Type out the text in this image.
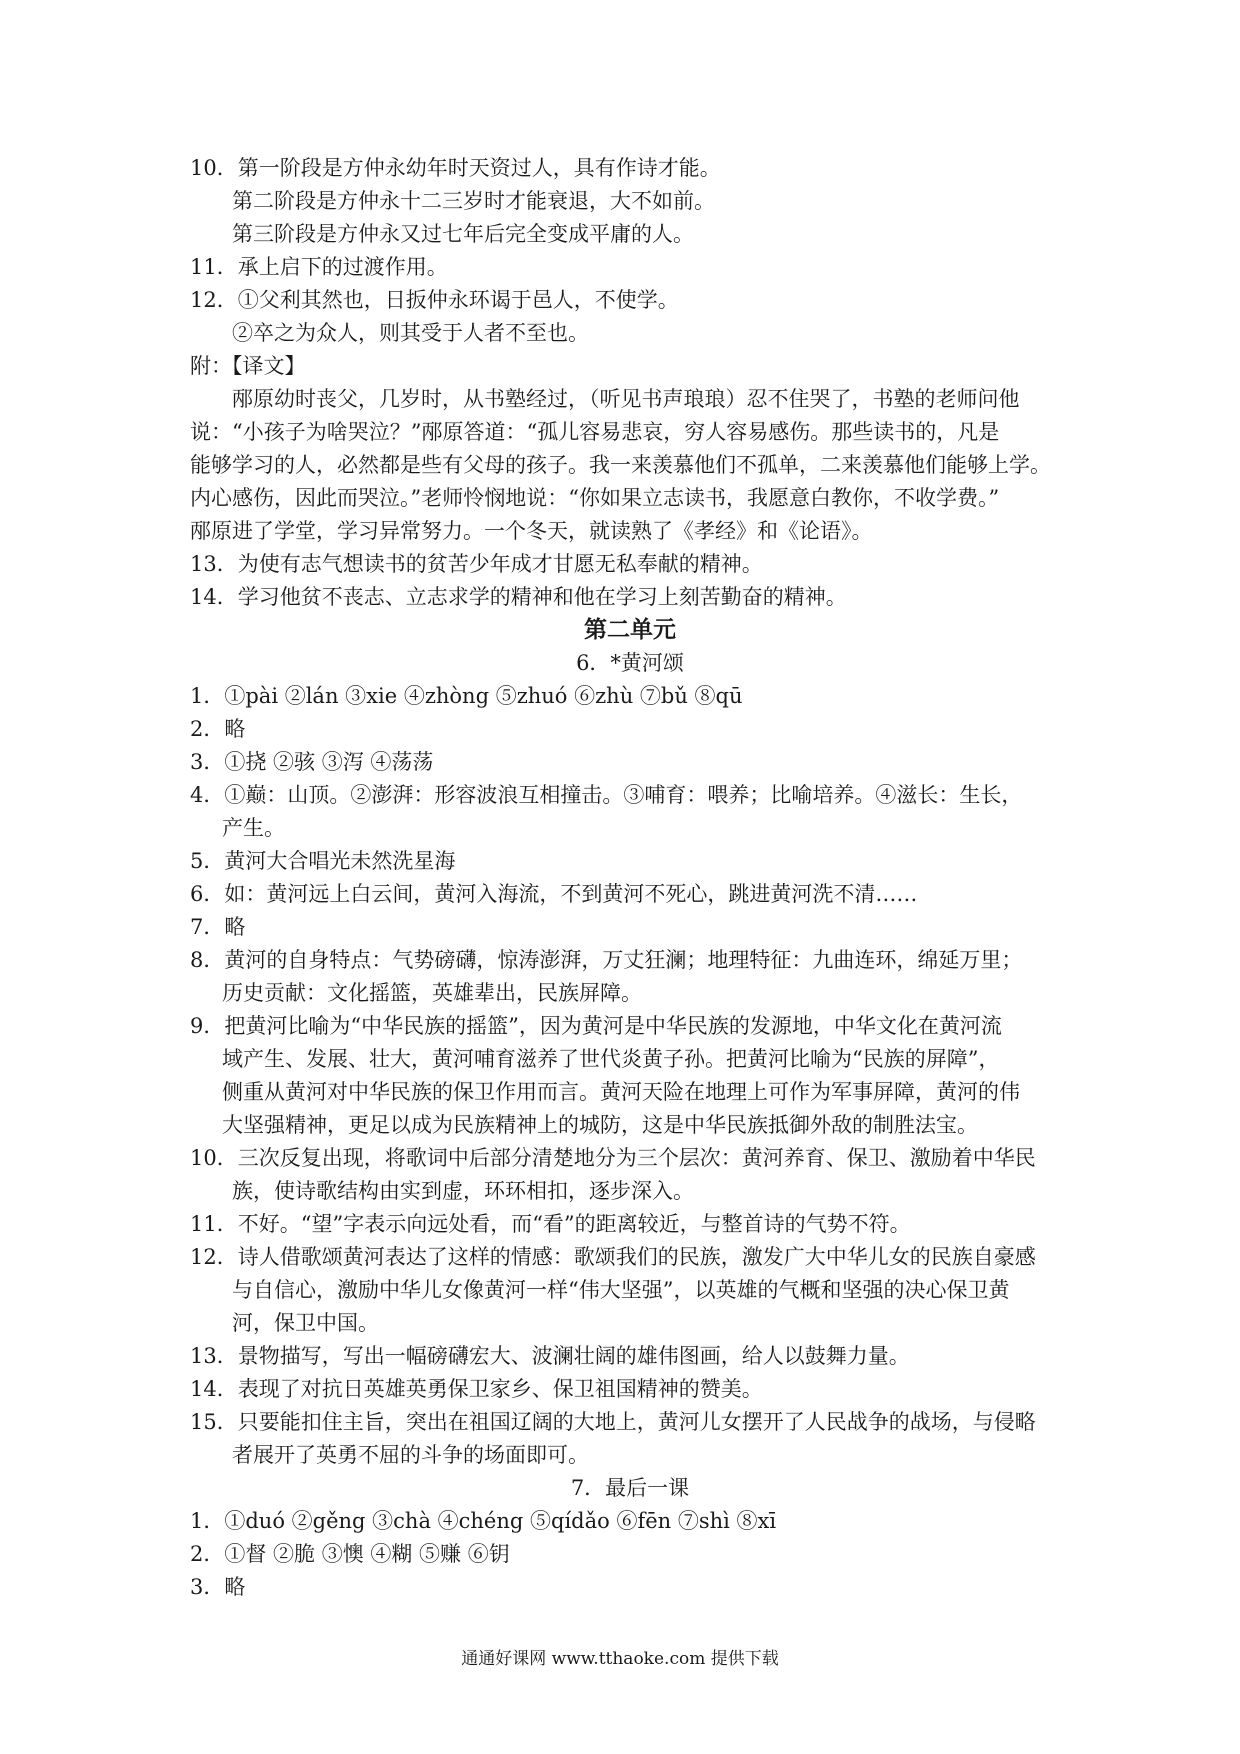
10．第一阶段是方仲永幼年时天资过人，具有作诗才能。
第二阶段是方仲永十二三岁时才能衰退，大不如前。
第三阶段是方仲永又过七年后完全变成平庸的人。
11．承上启下的过渡作用。
12．①父利其然也，日扳仲永环谒于邑人，不使学。
②卒之为众人，则其受于人者不至也。
附：【译文】
邴原幼时丧父，几岁时，从书塾经过，（听见书声琅琅）忍不住哭了，书塾的老师问他
说：“小孩子为啥哭泣？”邴原答道：“孤儿容易悲哀，穷人容易感伤。那些读书的，凡是
能够学习的人，必然都是些有父母的孩子。我一来羡慕他们不孤单，二来羡慕他们能够上学。
内心感伤，因此而哭泣。”老师怜悯地说：“你如果立志读书，我愿意白教你，不收学费。”
邴原进了学堂，学习异常努力。一个冬天，就读熟了《孝经》和《论语》。
13．为使有志气想读书的贫苦少年成才甘愿无私奉献的精神。
14．学习他贫不丧志、立志求学的精神和他在学习上刻苦勤奋的精神。
第二单元
6．*黄河颂
1．①pài ②lán ③xie ④zhòng ⑤zhuó ⑥zhù ⑦bǔ ⑧qū
2．略
3．①挠 ②骇 ③泻 ④荡荡
4．①巅：山顶。②澎湃：形容波浪互相撞击。③哺育：喂养；比喻培养。④滋长：生长，
产生。
5．黄河大合唱光未然洗星海
6．如：黄河远上白云间，黄河入海流，不到黄河不死心，跳进黄河洗不清……
7．略
8．黄河的自身特点：气势磅礴，惊涛澎湃，万丈狂澜；地理特征：九曲连环，绵延万里；
历史贡献：文化摇篮，英雄辈出，民族屏障。
9．把黄河比喻为“中华民族的摇篮”，因为黄河是中华民族的发源地，中华文化在黄河流
域产生、发展、壮大，黄河哺育滋养了世代炎黄子孙。把黄河比喻为“民族的屏障”，
侧重从黄河对中华民族的保卫作用而言。黄河天险在地理上可作为军事屏障，黄河的伟
大坚强精神，更足以成为民族精神上的城防，这是中华民族抵御外敌的制胜法宝。
10．三次反复出现，将歌词中后部分清楚地分为三个层次：黄河养育、保卫、激励着中华民
族，使诗歌结构由实到虚，环环相扣，逐步深入。
11．不好。“望”字表示向远处看，而“看”的距离较近，与整首诗的气势不符。
12．诗人借歌颂黄河表达了这样的情感：歌颂我们的民族，激发广大中华儿女的民族自豪感
与自信心，激励中华儿女像黄河一样“伟大坚强”，以英雄的气概和坚强的决心保卫黄
河，保卫中国。
13．景物描写，写出一幅磅礴宏大、波澜壮阔的雄伟图画，给人以鼓舞力量。
14．表现了对抗日英雄英勇保卫家乡、保卫祖国精神的赞美。
15．只要能扣住主旨，突出在祖国辽阔的大地上，黄河儿女摆开了人民战争的战场，与侵略
者展开了英勇不屈的斗争的场面即可。
7．最后一课
1．①duó ②gěng ③chà ④chéng ⑤qídǎo ⑥fēn ⑦shì ⑧xī
2．①督 ②脆 ③懊 ④糊 ⑤赚 ⑥钥
3．略
通通好课网 www.tthaoke.com 提供下载
